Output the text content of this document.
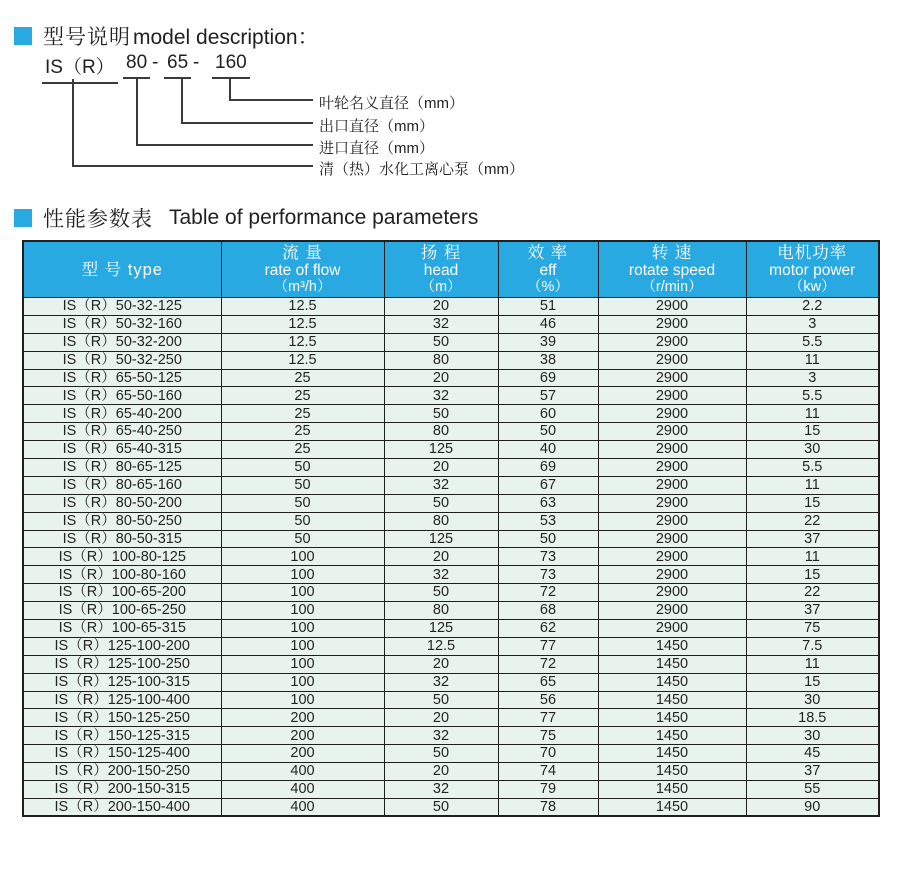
型号说明 model description：
IS（R） 80 - 65 - 160
叶轮名义直径（mm）
出口直径（mm）
进口直径（mm）
清（热）水化工离心泵（mm）
性能参数表 Table of performance parameters
型 号 type	流 量
rate of flow
（m³/h）	扬 程
head
（m）	效 率
eff
（%）	转 速
rotate speed
（r/min）	电机功率
motor power
（kw）

IS（R）50-32-125	12.5	20	51	2900	2.2
IS（R）50-32-160	12.5	32	46	2900	3
IS（R）50-32-200	12.5	50	39	2900	5.5
IS（R）50-32-250	12.5	80	38	2900	11
IS（R）65-50-125	25	20	69	2900	3
IS（R）65-50-160	25	32	57	2900	5.5
IS（R）65-40-200	25	50	60	2900	11
IS（R）65-40-250	25	80	50	2900	15
IS（R）65-40-315	25	125	40	2900	30
IS（R）80-65-125	50	20	69	2900	5.5
IS（R）80-65-160	50	32	67	2900	11
IS（R）80-50-200	50	50	63	2900	15
IS（R）80-50-250	50	80	53	2900	22
IS（R）80-50-315	50	125	50	2900	37
IS（R）100-80-125	100	20	73	2900	11
IS（R）100-80-160	100	32	73	2900	15
IS（R）100-65-200	100	50	72	2900	22
IS（R）100-65-250	100	80	68	2900	37
IS（R）100-65-315	100	125	62	2900	75
IS（R）125-100-200	100	12.5	77	1450	7.5
IS（R）125-100-250	100	20	72	1450	11
IS（R）125-100-315	100	32	65	1450	15
IS（R）125-100-400	100	50	56	1450	30
IS（R）150-125-250	200	20	77	1450	18.5
IS（R）150-125-315	200	32	75	1450	30
IS（R）150-125-400	200	50	70	1450	45
IS（R）200-150-250	400	20	74	1450	37
IS（R）200-150-315	400	32	79	1450	55
IS（R）200-150-400	400	50	78	1450	90
